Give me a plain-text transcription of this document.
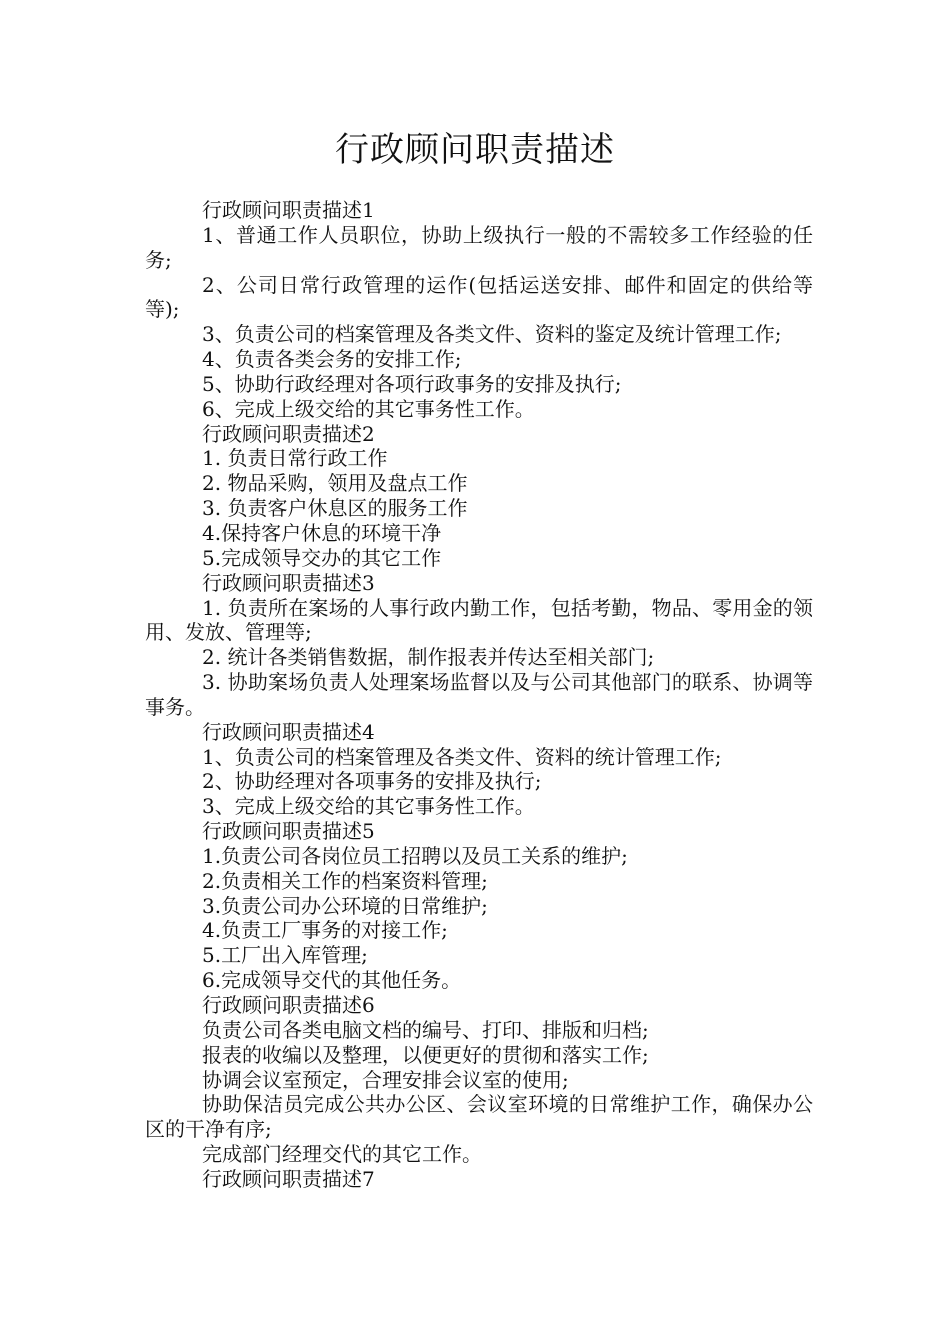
行政顾问职责描述

行政顾问职责描述1

1、普通工作人员职位，协助上级执行一般的不需较多工作经验的任务;

2、公司日常行政管理的运作(包括运送安排、邮件和固定的供给等等);

3、负责公司的档案管理及各类文件、资料的鉴定及统计管理工作;

4、负责各类会务的安排工作;

5、协助行政经理对各项行政事务的安排及执行;

6、完成上级交给的其它事务性工作。

行政顾问职责描述2

1. 负责日常行政工作

2. 物品采购，领用及盘点工作

3. 负责客户休息区的服务工作

4.保持客户休息的环境干净

5.完成领导交办的其它工作

行政顾问职责描述3

1. 负责所在案场的人事行政内勤工作，包括考勤，物品、零用金的领用、发放、管理等;

2. 统计各类销售数据，制作报表并传达至相关部门;

3. 协助案场负责人处理案场监督以及与公司其他部门的联系、协调等事务。

行政顾问职责描述4

1、负责公司的档案管理及各类文件、资料的统计管理工作;

2、协助经理对各项事务的安排及执行;

3、完成上级交给的其它事务性工作。

行政顾问职责描述5

1.负责公司各岗位员工招聘以及员工关系的维护;

2.负责相关工作的档案资料管理;

3.负责公司办公环境的日常维护;

4.负责工厂事务的对接工作;

5.工厂出入库管理;

6.完成领导交代的其他任务。

行政顾问职责描述6

负责公司各类电脑文档的编号、打印、排版和归档;

报表的收编以及整理，以便更好的贯彻和落实工作;

协调会议室预定，合理安排会议室的使用;

协助保洁员完成公共办公区、会议室环境的日常维护工作，确保办公区的干净有序;

完成部门经理交代的其它工作。

行政顾问职责描述7
